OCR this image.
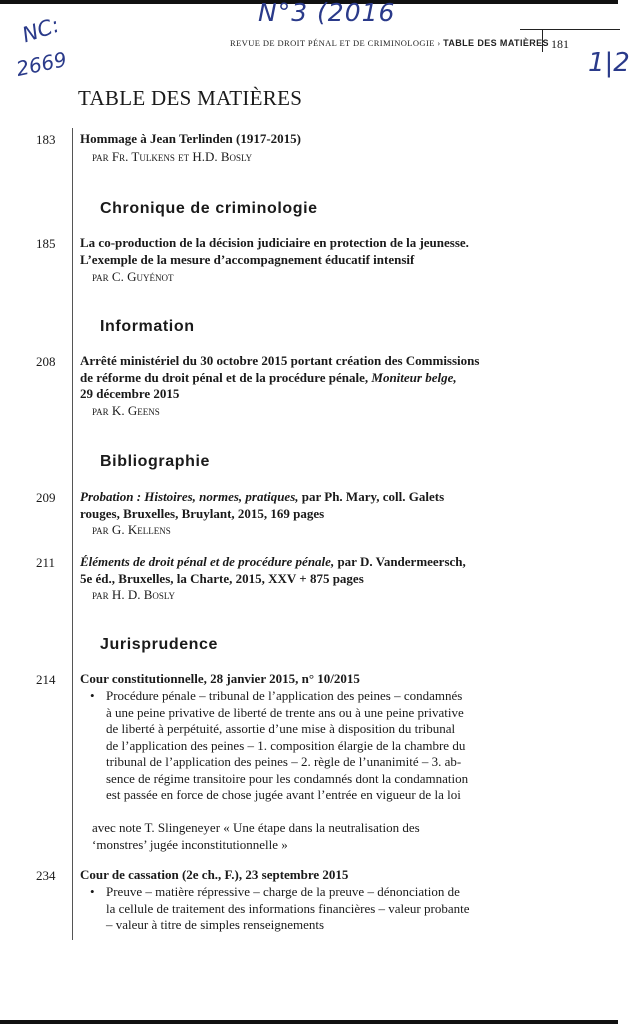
N°3 (2016
NC:
2669	1|2
REVUE DE DROIT PÉNAL ET DE CRIMINOLOGIE › TABLE DES MATIÈRES 181
TABLE DES MATIÈRES
183 Hommage à Jean Terlinden (1917-2015)
par Fr. Tulkens et H.D. Bosly
Chronique de criminologie
185 La co-production de la décision judiciaire en protection de la jeunesse.
L’exemple de la mesure d’accompagnement éducatif intensif
par C. Guyénot
Information
208 Arrêté ministériel du 30 octobre 2015 portant création des Commissions
de réforme du droit pénal et de la procédure pénale, Moniteur belge,
29 décembre 2015
par K. Geens
Bibliographie
209 Probation : Histoires, normes, pratiques, par Ph. Mary, coll. Galets
rouges, Bruxelles, Bruylant, 2015, 169 pages
par G. Kellens
211 Éléments de droit pénal et de procédure pénale, par D. Vandermeersch,
5e éd., Bruxelles, la Charte, 2015, XXV + 875 pages
par H. D. Bosly
Jurisprudence
214 Cour constitutionnelle, 28 janvier 2015, n° 10/2015
• Procédure pénale – tribunal de l’application des peines – condamnés
à une peine privative de liberté de trente ans ou à une peine privative
de liberté à perpétuité, assortie d’une mise à disposition du tribunal
de l’application des peines – 1. composition élargie de la chambre du
tribunal de l’application des peines – 2. règle de l’unanimité – 3. ab-
sence de régime transitoire pour les condamnés dont la condamnation
est passée en force de chose jugée avant l’entrée en vigueur de la loi
avec note T. Slingeneyer « Une étape dans la neutralisation des
‘monstres’ jugée inconstitutionnelle »
234 Cour de cassation (2e ch., F.), 23 septembre 2015
• Preuve – matière répressive – charge de la preuve – dénonciation de
la cellule de traitement des informations financières – valeur probante
– valeur à titre de simples renseignements
